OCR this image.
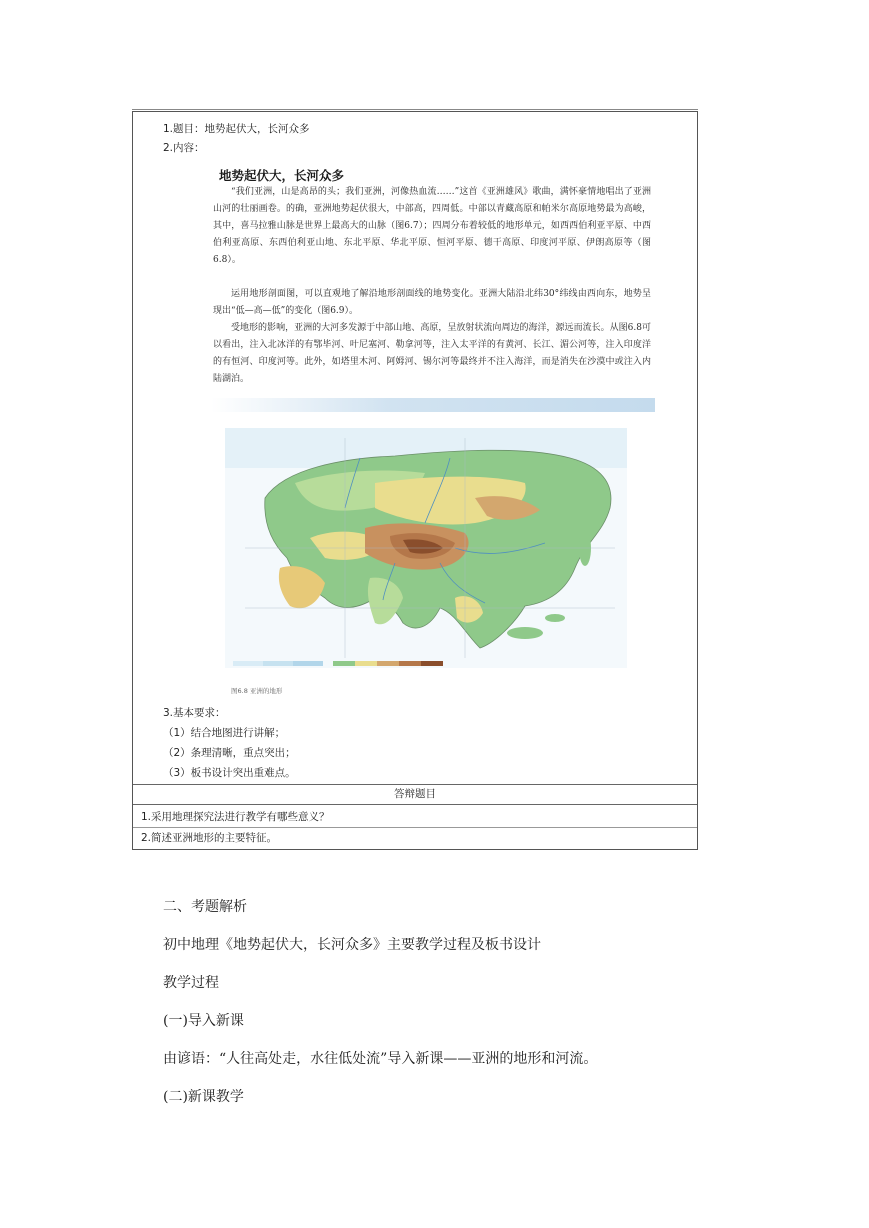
1.题目：地势起伏大，长河众多
2.内容：
地势起伏大，长河众多
“我们亚洲，山是高昂的头；我们亚洲，河像热血流……”这首《亚洲雄风》歌曲，满怀豪情地唱出了亚洲山河的壮丽画卷。的确，亚洲地势起伏很大，中部高，四周低。中部以青藏高原和帕米尔高原地势最为高峻，其中，喜马拉雅山脉是世界上最高大的山脉（图6.7）；四周分布着较低的地形单元，如西西伯利亚平原、中西伯利亚高原、东西伯利亚山地、东北平原、华北平原、恒河平原、德干高原、印度河平原、伊朗高原等（图6.8）。
运用地形剖面图，可以直观地了解沿地形剖面线的地势变化。亚洲大陆沿北纬30°纬线由西向东，地势呈现出“低—高—低”的变化（图6.9）。
受地形的影响，亚洲的大河多发源于中部山地、高原，呈放射状流向周边的海洋，源远而流长。从图6.8可以看出，注入北冰洋的有鄂毕河、叶尼塞河、勒拿河等，注入太平洋的有黄河、长江、湄公河等，注入印度洋的有恒河、印度河等。此外，如塔里木河、阿姆河、锡尔河等最终并不注入海洋，而是消失在沙漠中或注入内陆湖泊。
图6.8 亚洲的地形
3.基本要求：
（1）结合地图进行讲解；
（2）条理清晰，重点突出；
（3）板书设计突出重难点。
答辩题目
1.采用地理探究法进行教学有哪些意义？
2.简述亚洲地形的主要特征。
二、考题解析
初中地理《地势起伏大，长河众多》主要教学过程及板书设计
教学过程
(一)导入新课
由谚语：“人往高处走，水往低处流”导入新课——亚洲的地形和河流。
(二)新课教学
